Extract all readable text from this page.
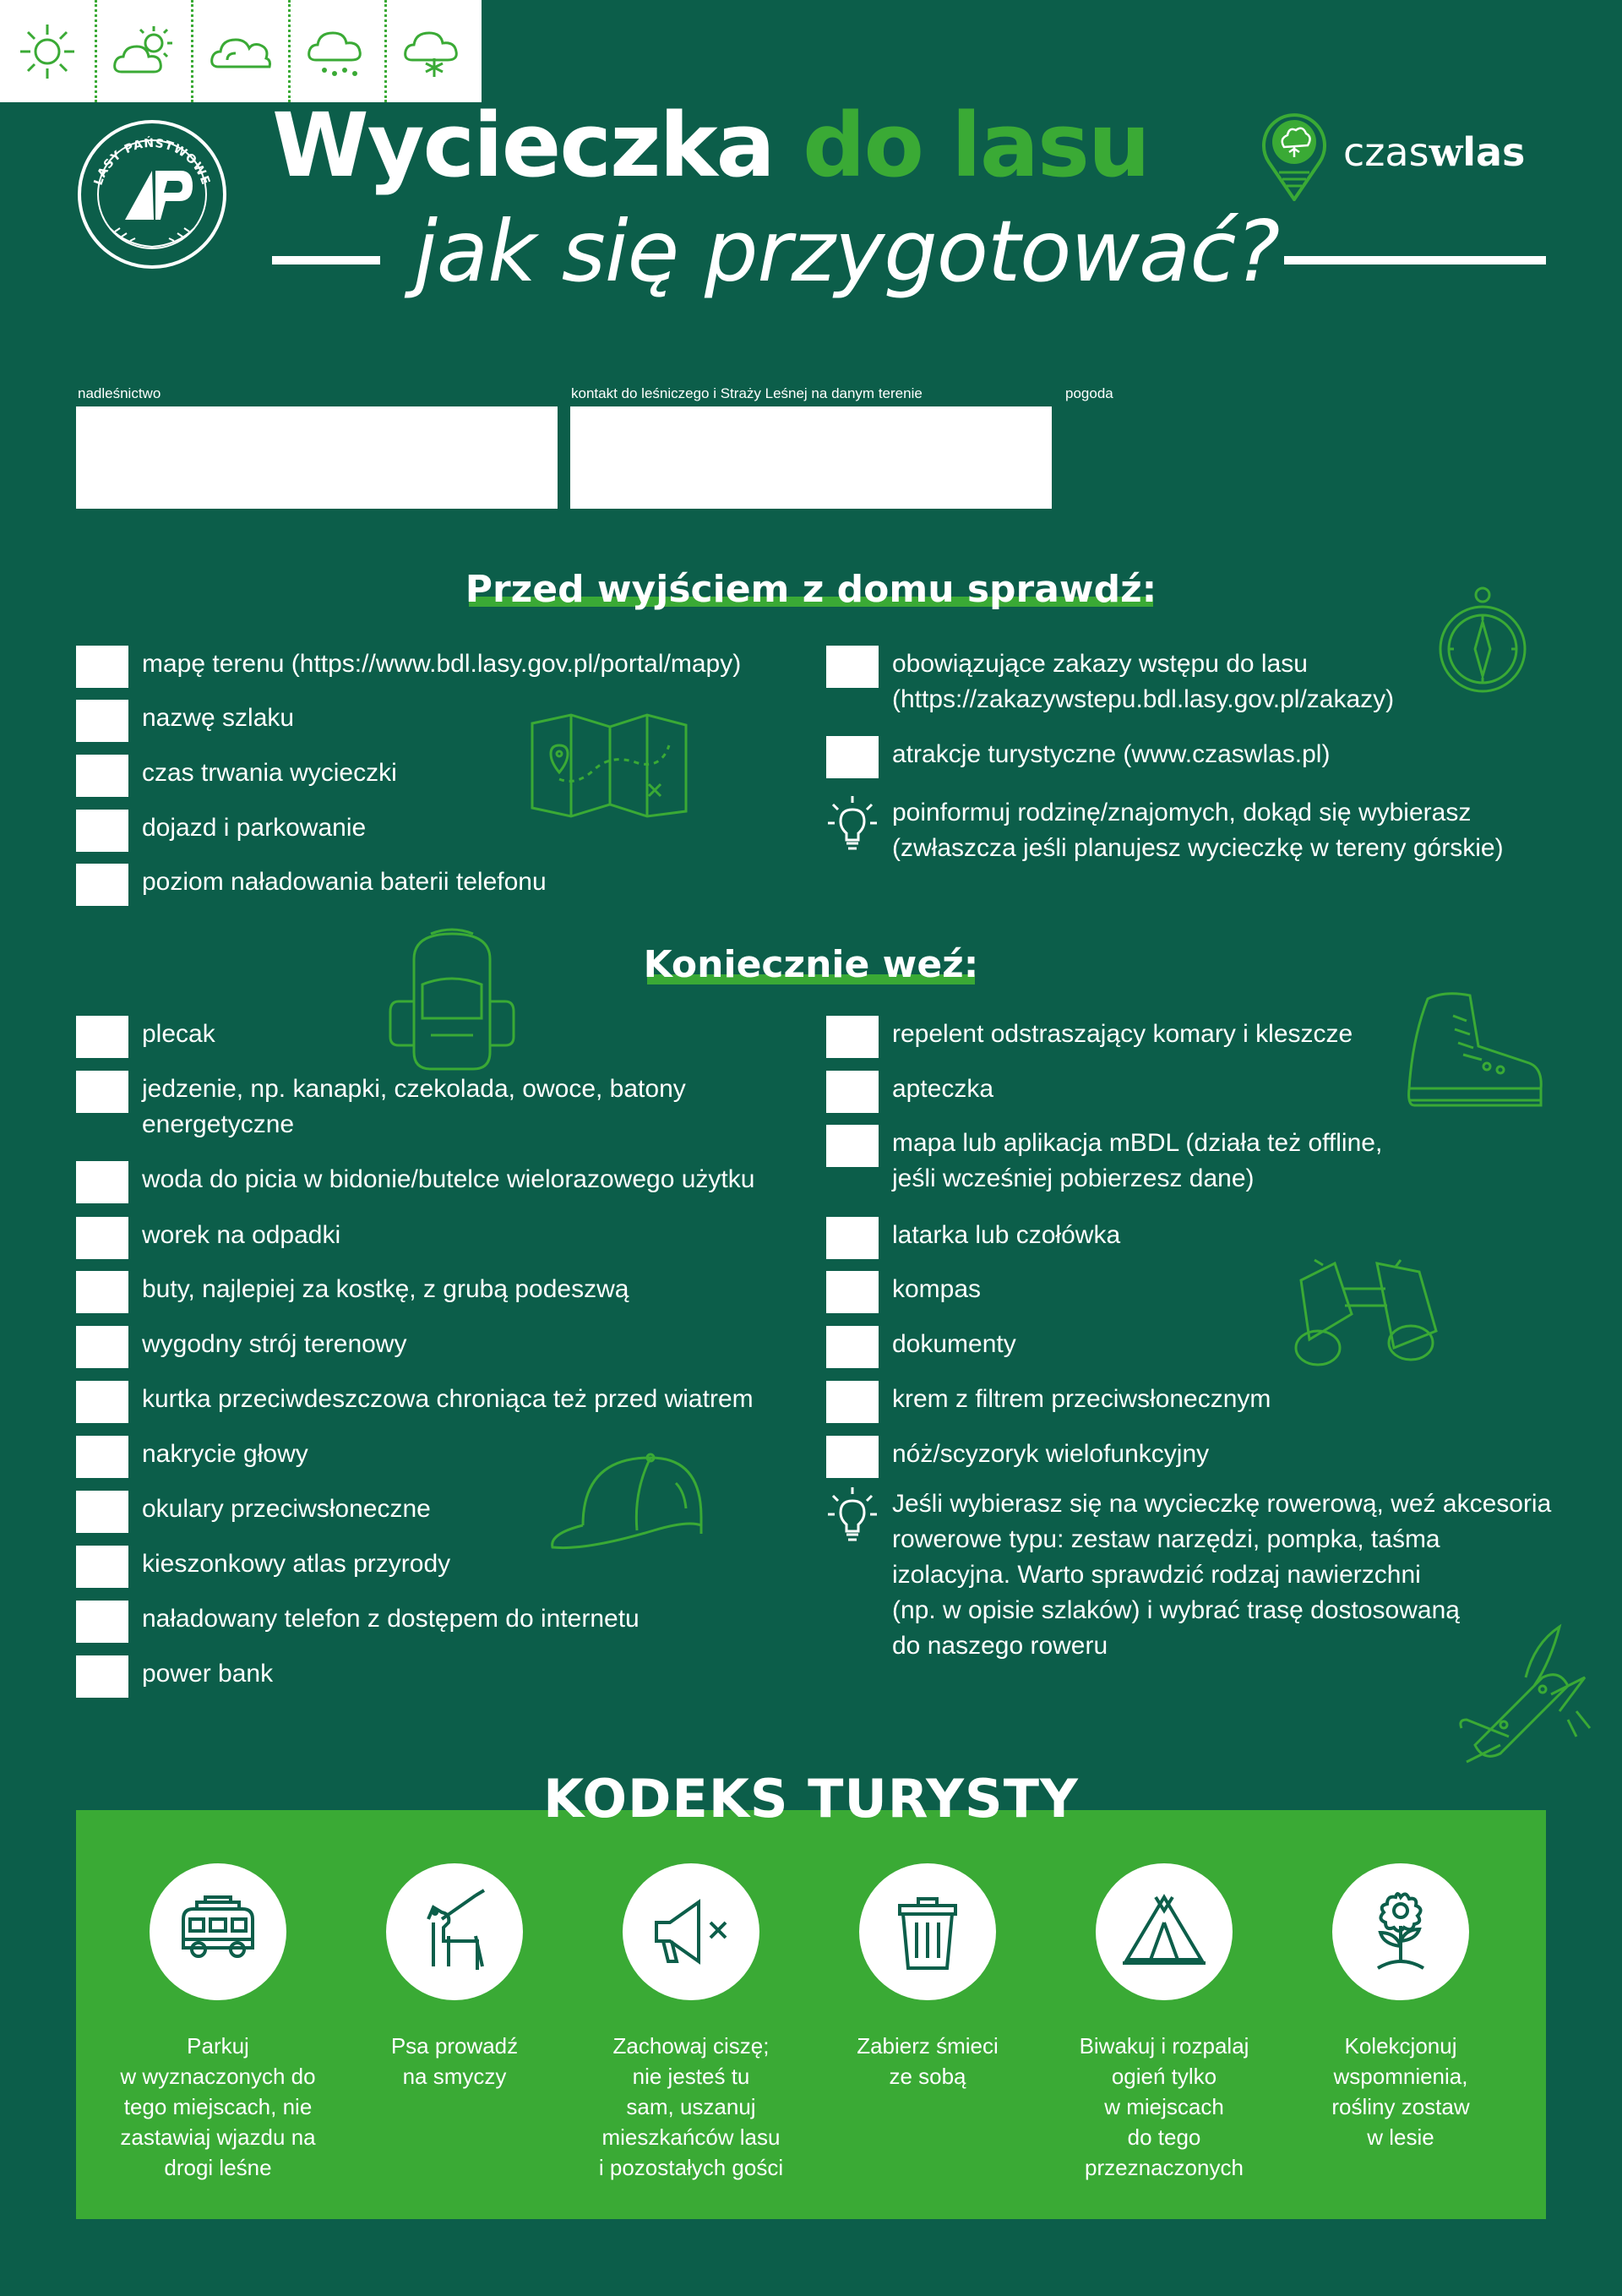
LASY PAŃSTWOWE Wycieczka do lasu
jak się przygotować?
czaswlas
nadleśnictwo	kontakt do leśniczego i Straży Leśnej na danym terenie	pogoda
Przed wyjściem z domu sprawdź:
mapę terenu (https://www.bdl.lasy.gov.pl/portal/mapy)
nazwę szlaku
czas trwania wycieczki
dojazd i parkowanie
poziom naładowania baterii telefonu
obowiązujące zakazy wstępu do lasu
(https://zakazywstepu.bdl.lasy.gov.pl/zakazy)
atrakcje turystyczne (www.czaswlas.pl)
poinformuj rodzinę/znajomych, dokąd się wybierasz
(zwłaszcza jeśli planujesz wycieczkę w tereny górskie)
Koniecznie weź:
plecak
jedzenie, np. kanapki, czekolada, owoce, batony
energetyczne
woda do picia w bidonie/butelce wielorazowego użytku
worek na odpadki
buty, najlepiej za kostkę, z grubą podeszwą
wygodny strój terenowy
kurtka przeciwdeszczowa chroniąca też przed wiatrem
nakrycie głowy
okulary przeciwsłoneczne
kieszonkowy atlas przyrody
naładowany telefon z dostępem do internetu
power bank
repelent odstraszający komary i kleszcze
apteczka
mapa lub aplikacja mBDL (działa też offline,
jeśli wcześniej pobierzesz dane)
latarka lub czołówka
kompas
dokumenty
krem z filtrem przeciwsłonecznym
nóż/scyzoryk wielofunkcyjny
Jeśli wybierasz się na wycieczkę rowerową, weź akcesoria
rowerowe typu: zestaw narzędzi, pompka, taśma
izolacyjna. Warto sprawdzić rodzaj nawierzchni
(np. w opisie szlaków) i wybrać trasę dostosowaną
do naszego roweru
KODEKS TURYSTY
Parkuj
w wyznaczonych do
tego miejscach, nie
zastawiaj wjazdu na
drogi leśne
Psa prowadź
na smyczy
Zachowaj ciszę;
nie jesteś tu
sam, uszanuj
mieszkańców lasu
i pozostałych gości
Zabierz śmieci
ze sobą
Biwakuj i rozpalaj
ogień tylko
w miejscach
do tego
przeznaczonych
Kolekcjonuj
wspomnienia,
rośliny zostaw
w lesie
